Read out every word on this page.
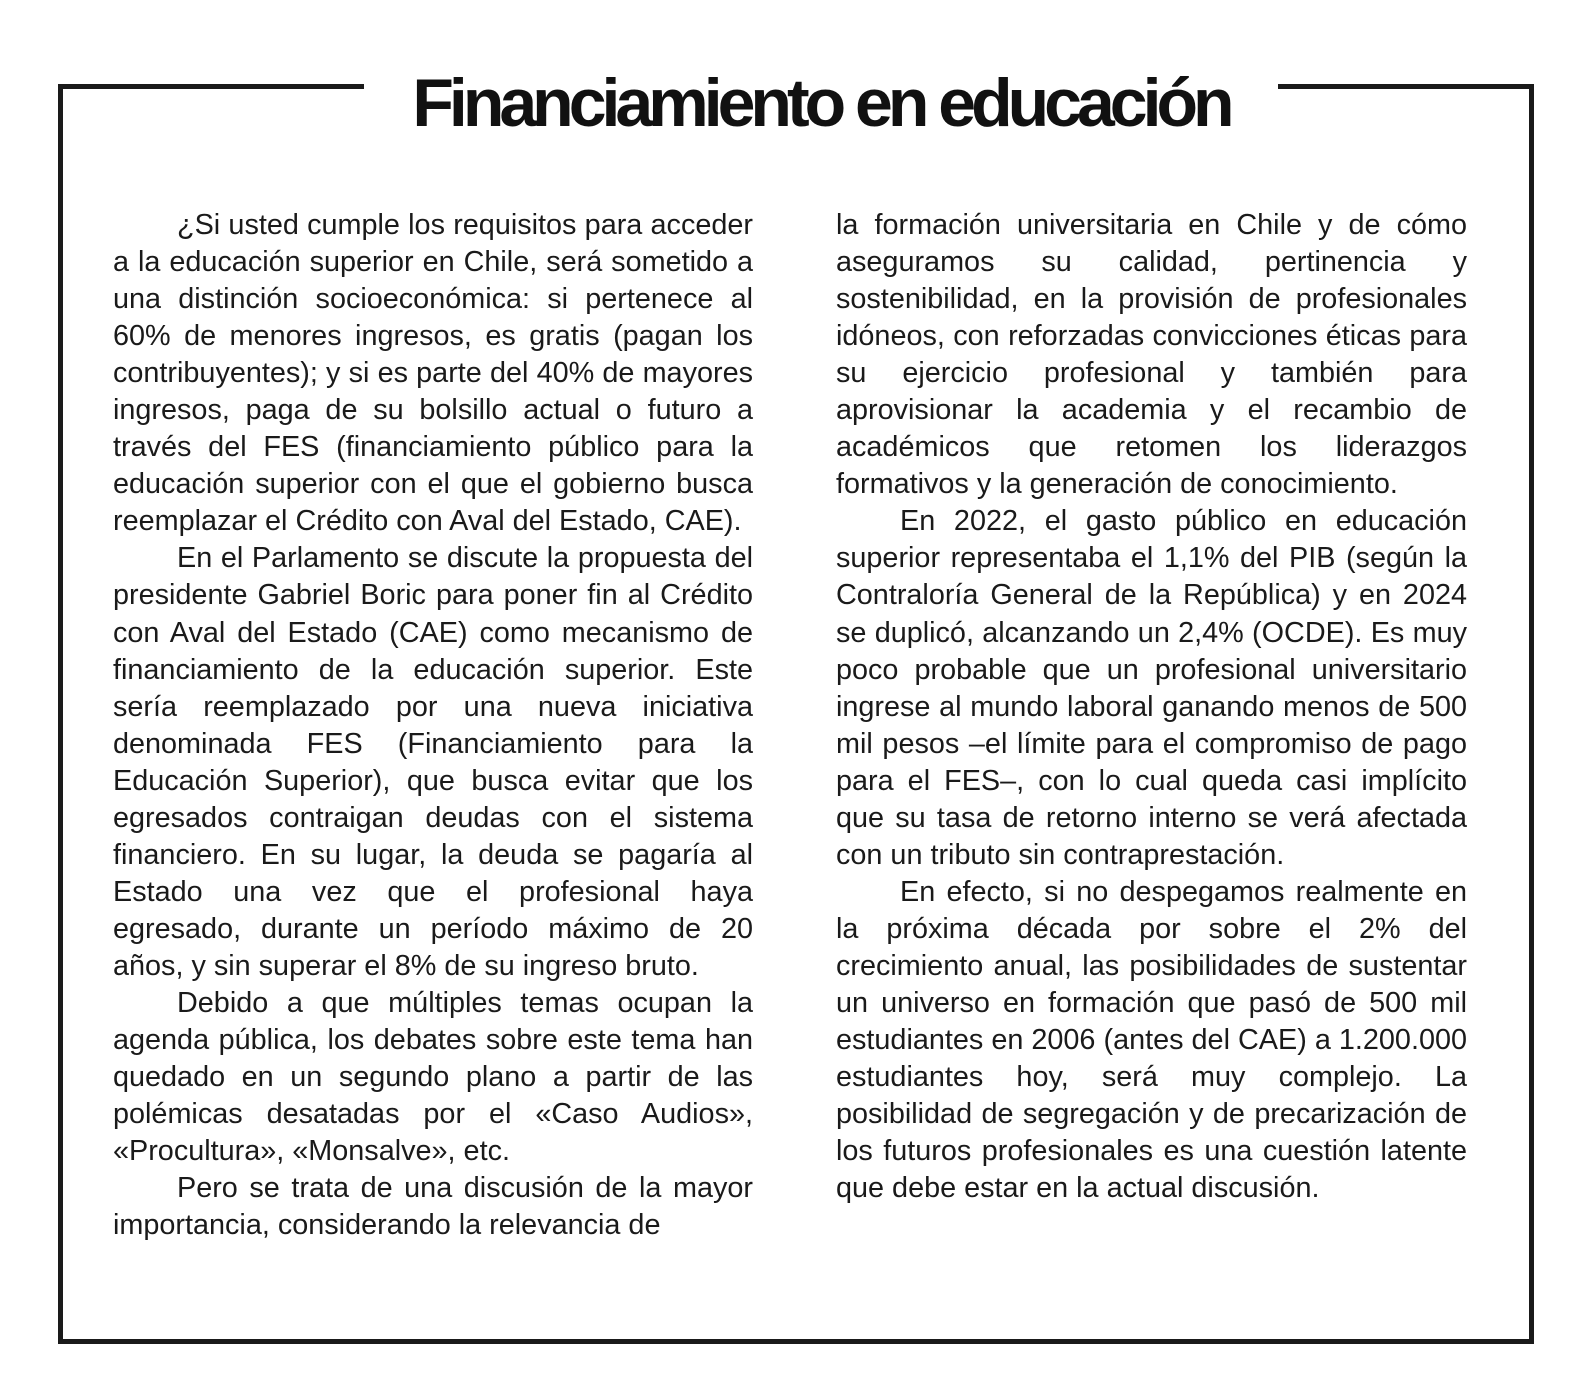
Financiamiento en educación

¿Si usted cumple los requisitos para acceder a la educación superior en Chile, será sometido a una distinción socioeconómica: si pertenece al 60% de menores ingresos, es gratis (pagan los contribuyentes); y si es parte del 40% de mayores ingresos, paga de su bolsillo actual o futuro a través del FES (financiamiento público para la educación superior con el que el gobierno busca reemplazar el Crédito con Aval del Estado, CAE).

En el Parlamento se discute la propuesta del presidente Gabriel Boric para poner fin al Crédito con Aval del Estado (CAE) como mecanismo de financiamiento de la educación superior. Este sería reemplazado por una nueva iniciativa denominada FES (Financiamiento para la Educación Superior), que busca evitar que los egresados contraigan deudas con el sistema financiero. En su lugar, la deuda se pagaría al Estado una vez que el profesional haya egresado, durante un período máximo de 20 años, y sin superar el 8% de su ingreso bruto.

Debido a que múltiples temas ocupan la agenda pública, los debates sobre este tema han quedado en un segundo plano a partir de las polémicas desatadas por el «Caso Audios», «Procultura», «Monsalve», etc.

Pero se trata de una discusión de la mayor importancia, considerando la relevancia de

la formación universitaria en Chile y de cómo aseguramos su calidad, pertinencia y sostenibilidad, en la provisión de profesionales idóneos, con reforzadas convicciones éticas para su ejercicio profesional y también para aprovisionar la academia y el recambio de académicos que retomen los liderazgos formativos y la generación de conocimiento.

En 2022, el gasto público en educación superior representaba el 1,1% del PIB (según la Contraloría General de la República) y en 2024 se duplicó, alcanzando un 2,4% (OCDE). Es muy poco probable que un profesional universitario ingrese al mundo laboral ganando menos de 500 mil pesos –el límite para el compromiso de pago para el FES–, con lo cual queda casi implícito que su tasa de retorno interno se verá afectada con un tributo sin contraprestación.

En efecto, si no despegamos realmente en la próxima década por sobre el 2% del crecimiento anual, las posibilidades de sustentar un universo en formación que pasó de 500 mil estudiantes en 2006 (antes del CAE) a 1.200.000 estudiantes hoy, será muy complejo. La posibilidad de segregación y de precarización de los futuros profesionales es una cuestión latente que debe estar en la actual discusión.
